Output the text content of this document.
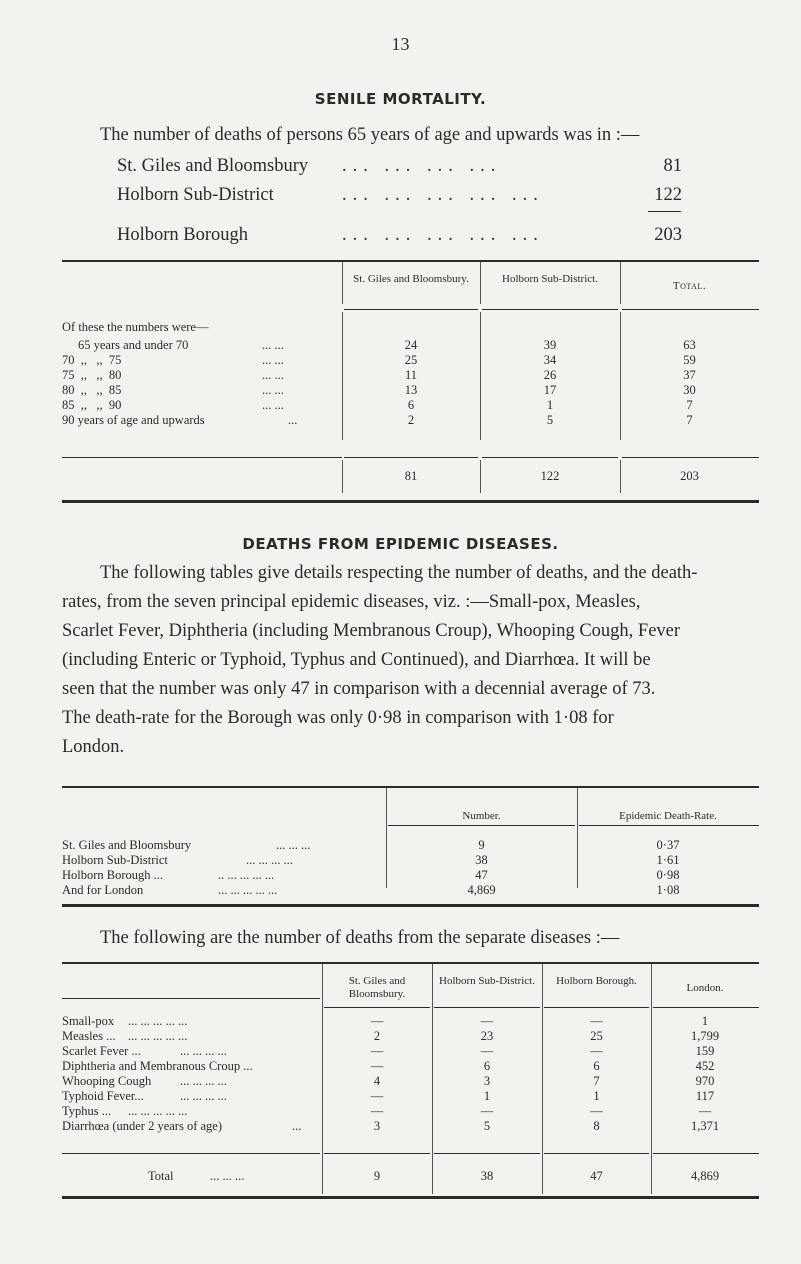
13
SENILE MORTALITY.
The number of deaths of persons 65 years of age and upwards was in :—
St. Giles and Bloomsbury ... ... ... ...	81
Holborn Sub-District	... ... ... ... ...	122
Holborn Borough	... ... ... ... ...	203
St. Giles and Bloomsbury.	Holborn Sub-District.
Total.
Of these the numbers were—
65 years and under 70	... ...	24	39	63
70  ,,   ,,  75	... ...	25	34	59
75  ,,   ,,  80	... ...	11	26	37
80  ,,   ,,  85	... ...	13	17	30
85  ,,   ,,  90	... ...	6	1	7
90 years of age and upwards	...	2	5	7
81	122	203
DEATHS FROM EPIDEMIC DISEASES.
The following tables give details respecting the number of deaths, and the death-
rates, from the seven principal epidemic diseases, viz. :—Small-pox, Measles,
Scarlet Fever, Diphtheria (including Membranous Croup), Whooping Cough, Fever
(including Enteric or Typhoid, Typhus and Continued), and Diarrhœa. It will be
seen that the number was only 47 in comparison with a decennial average of 73.
The death-rate for the Borough was only 0·98 in comparison with 1·08 for
London.
Number.	Epidemic Death-Rate.
St. Giles and Bloomsbury	... ... ...	9	0·37
Holborn Sub-District	... ... ... ...	38	1·61
Holborn Borough ...	.. ... ... ... ...	47	0·98
And for London	... ... ... ... ...	4,869	1·08
The following are the number of deaths from the separate diseases :—
St. Giles and Bloomsbury.
Holborn Sub-District.	Holborn Borough.
London.
Small-pox ... ... ... ... ...	—	—	—	1
Measles ... ... ... ... ... ...	2	23	25	1,799
Scarlet Fever ...	... ... ... ...	—	—	—	159
Diphtheria and Membranous Croup ...	—	6	6	452
Whooping Cough ... ... ... ...	4	3	7	970
Typhoid Fever...	... ... ... ...	—	1	1	117
Typhus ... ... ... ... ... ...	—	—	—	—
Diarrhœa (under 2 years of age)	...	3	5	8	1,371
Total	... ... ...	9	38	47	4,869
